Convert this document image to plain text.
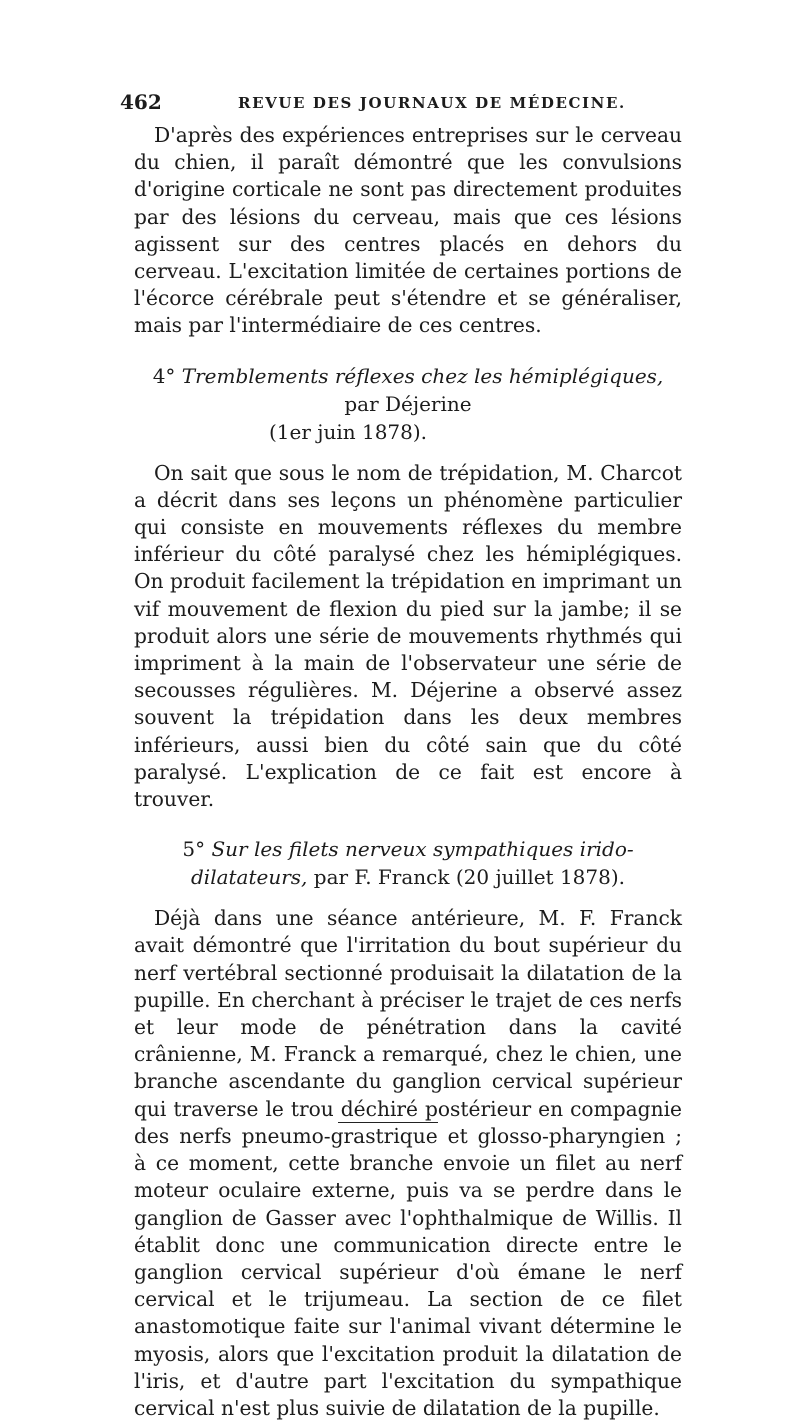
462	REVUE DES JOURNAUX DE MÉDECINE.

D'après des expériences entreprises sur le cerveau du chien, il paraît démontré que les convulsions d'origine corticale ne sont pas directement produites par des lésions du cerveau, mais que ces lésions agissent sur des centres placés en dehors du cerveau. L'excitation limitée de certaines portions de l'écorce cérébrale peut s'étendre et se généraliser, mais par l'intermédiaire de ces centres.

4° Tremblements réflexes chez les hémiplégiques, par Déjerine
(1er juin 1878).

On sait que sous le nom de trépidation, M. Charcot a décrit dans ses leçons un phénomène particulier qui consiste en mouvements réflexes du membre inférieur du côté paralysé chez les hémiplégiques. On produit facilement la trépidation en imprimant un vif mouvement de flexion du pied sur la jambe; il se produit alors une série de mouvements rhythmés qui impriment à la main de l'observateur une série de secousses régulières. M. Déjerine a observé assez souvent la trépidation dans les deux membres inférieurs, aussi bien du côté sain que du côté paralysé. L'explication de ce fait est encore à trouver.

5° Sur les filets nerveux sympathiques irido-dilatateurs, par F. Franck (20 juillet 1878).

Déjà dans une séance antérieure, M. F. Franck avait démontré que l'irritation du bout supérieur du nerf vertébral sectionné produisait la dilatation de la pupille. En cherchant à préciser le trajet de ces nerfs et leur mode de pénétration dans la cavité crânienne, M. Franck a remarqué, chez le chien, une branche ascendante du ganglion cervical supérieur qui traverse le trou déchiré postérieur en compagnie des nerfs pneumo-grastrique et glosso-pharyngien ; à ce moment, cette branche envoie un filet au nerf moteur oculaire externe, puis va se perdre dans le ganglion de Gasser avec l'ophthalmique de Willis. Il établit donc une communication directe entre le ganglion cervical supérieur d'où émane le nerf cervical et le trijumeau. La section de ce filet anastomotique faite sur l'animal vivant détermine le myosis, alors que l'excitation produit la dilatation de l'iris, et d'autre part l'excitation du sympathique cervical n'est plus suivie de dilatation de la pupille.
